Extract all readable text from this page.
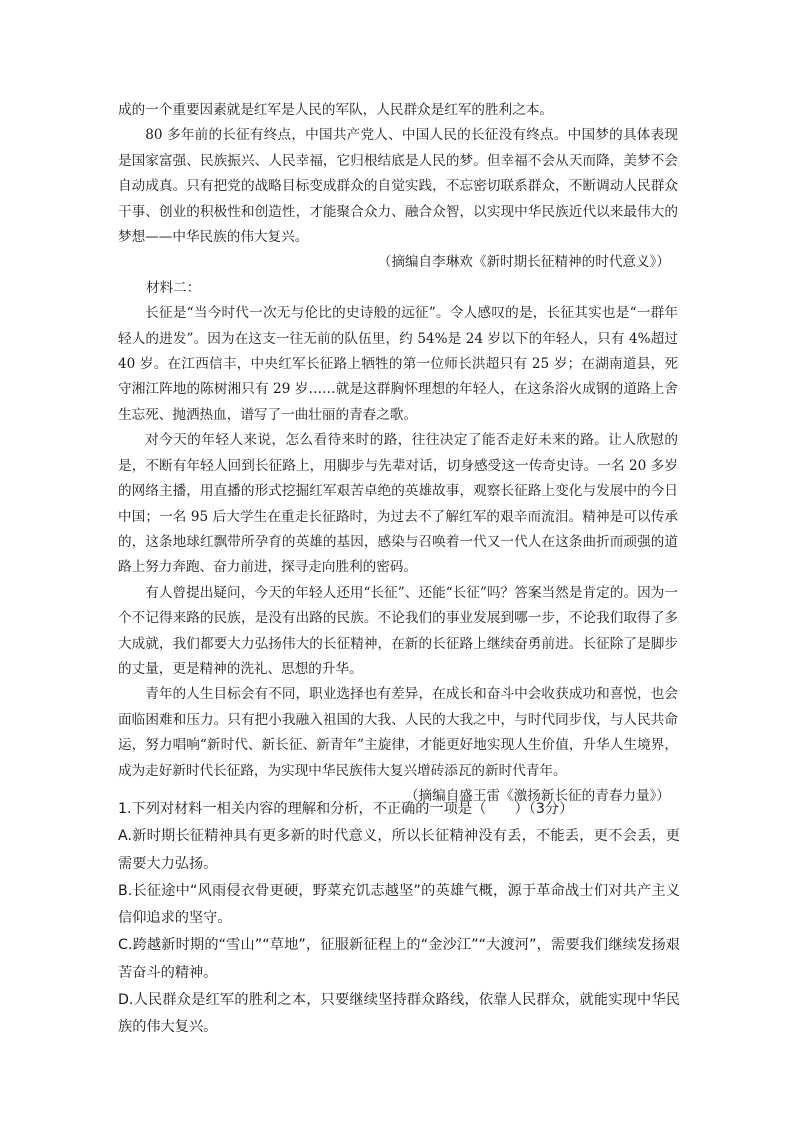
成的一个重要因素就是红军是人民的军队，人民群众是红军的胜利之本。

80 多年前的长征有终点，中国共产党人、中国人民的长征没有终点。中国梦的具体表现是国家富强、民族振兴、人民幸福，它归根结底是人民的梦。但幸福不会从天而降，美梦不会自动成真。只有把党的战略目标变成群众的自觉实践，不忘密切联系群众，不断调动人民群众干事、创业的积极性和创造性，才能聚合众力、融合众智，以实现中华民族近代以来最伟大的梦想——中华民族的伟大复兴。

（摘编自李琳欢《新时期长征精神的时代意义》）

材料二：

长征是“当今时代一次无与伦比的史诗般的远征”。令人感叹的是，长征其实也是“一群年轻人的进发”。因为在这支一往无前的队伍里，约 54%是 24 岁以下的年轻人，只有 4%超过 40 岁。在江西信丰，中央红军长征路上牺牲的第一位师长洪超只有 25 岁；在湖南道县，死守湘江阵地的陈树湘只有 29 岁……就是这群胸怀理想的年轻人，在这条浴火成钢的道路上舍生忘死、抛洒热血，谱写了一曲壮丽的青春之歌。

对今天的年轻人来说，怎么看待来时的路，往往决定了能否走好未来的路。让人欣慰的是，不断有年轻人回到长征路上，用脚步与先辈对话，切身感受这一传奇史诗。一名 20 多岁的网络主播，用直播的形式挖掘红军艰苦卓绝的英雄故事，观察长征路上变化与发展中的今日中国；一名 95 后大学生在重走长征路时，为过去不了解红军的艰辛而流泪。精神是可以传承的，这条地球红飘带所孕育的英雄的基因，感染与召唤着一代又一代人在这条曲折而顽强的道路上努力奔跑、奋力前进，探寻走向胜利的密码。

有人曾提出疑问，今天的年轻人还用“长征”、还能“长征”吗？答案当然是肯定的。因为一个不记得来路的民族，是没有出路的民族。不论我们的事业发展到哪一步，不论我们取得了多大成就，我们都要大力弘扬伟大的长征精神，在新的长征路上继续奋勇前进。长征除了是脚步的丈量，更是精神的洗礼、思想的升华。

青年的人生目标会有不同，职业选择也有差异，在成长和奋斗中会收获成功和喜悦，也会面临困难和压力。只有把小我融入祖国的大我、人民的大我之中，与时代同步伐，与人民共命运，努力唱响“新时代、新长征、新青年”主旋律，才能更好地实现人生价值，升华人生境界，成为走好新时代长征路，为实现中华民族伟大复兴增砖添瓦的新时代青年。

（摘编自盛王雷《激扬新长征的青春力量》）

1.下列对材料一相关内容的理解和分析，不正确的一项是（　　）（3分）

A.新时期长征精神具有更多新的时代意义，所以长征精神没有丢，不能丢，更不会丢，更需要大力弘扬。

B.长征途中“风雨侵衣骨更硬，野菜充饥志越坚”的英雄气概，源于革命战士们对共产主义信仰追求的坚守。

C.跨越新时期的“雪山”“草地”，征服新征程上的“金沙江”“大渡河”，需要我们继续发扬艰苦奋斗的精神。

D.人民群众是红军的胜利之本，只要继续坚持群众路线，依靠人民群众，就能实现中华民族的伟大复兴。
